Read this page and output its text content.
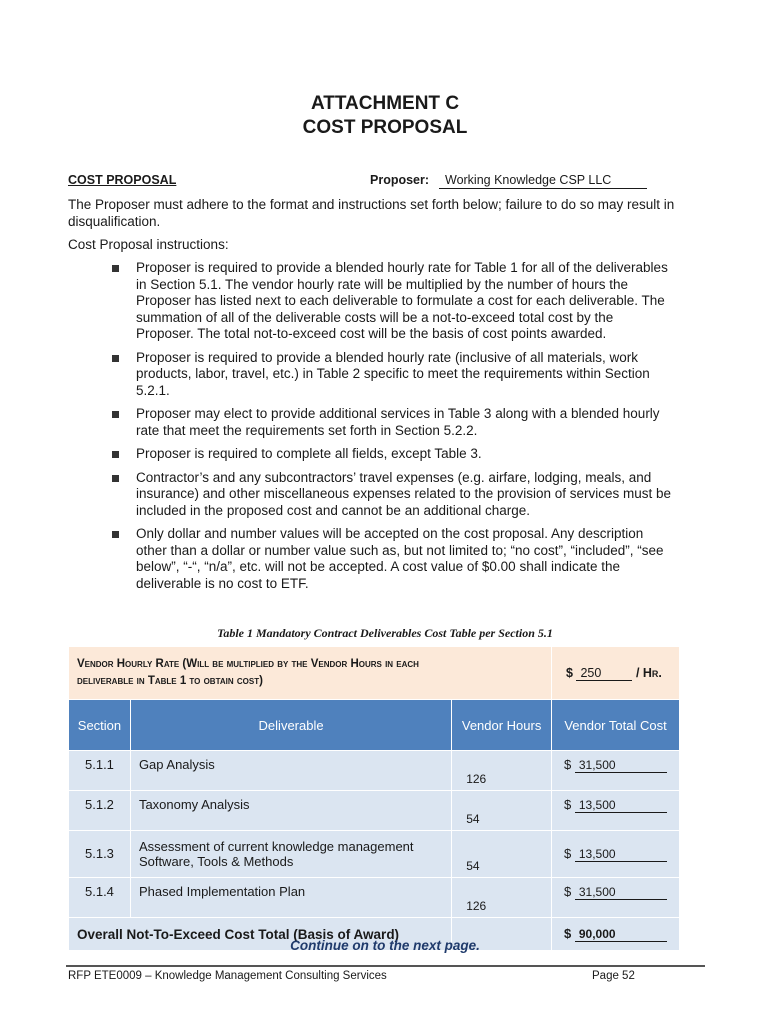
ATTACHMENT C
COST PROPOSAL
COST PROPOSAL	Proposer:	Working Knowledge CSP LLC
The Proposer must adhere to the format and instructions set forth below; failure to do so may result in disqualification.
Cost Proposal instructions:
Proposer is required to provide a blended hourly rate for Table 1 for all of the deliverables in Section 5.1. The vendor hourly rate will be multiplied by the number of hours the Proposer has listed next to each deliverable to formulate a cost for each deliverable. The summation of all of the deliverable costs will be a not-to-exceed total cost by the Proposer. The total not-to-exceed cost will be the basis of cost points awarded.
Proposer is required to provide a blended hourly rate (inclusive of all materials, work products, labor, travel, etc.) in Table 2 specific to meet the requirements within Section 5.2.1.
Proposer may elect to provide additional services in Table 3 along with a blended hourly rate that meet the requirements set forth in Section 5.2.2.
Proposer is required to complete all fields, except Table 3.
Contractor’s and any subcontractors’ travel expenses (e.g. airfare, lodging, meals, and insurance) and other miscellaneous expenses related to the provision of services must be included in the proposed cost and cannot be an additional charge.
Only dollar and number values will be accepted on the cost proposal. Any description other than a dollar or number value such as, but not limited to; “no cost”, “included”, “see below”, “-“, “n/a”, etc. will not be accepted. A cost value of $0.00 shall indicate the deliverable is no cost to ETF.
Table 1 Mandatory Contract Deliverables Cost Table per Section 5.1
Vendor Hourly Rate (Will be multiplied by the Vendor Hours in each
deliverable in Table 1 to obtain cost)			$ 250 / Hr.
Section	Deliverable	Vendor Hours	Vendor Total Cost
5.1.1	Gap Analysis	126	$ 31,500
5.1.2	Taxonomy Analysis	54	$ 13,500
5.1.3	Assessment of current knowledge management Software, Tools & Methods	54	$ 13,500
5.1.4	Phased Implementation Plan	126	$ 31,500
Overall Not-To-Exceed Cost Total (Basis of Award)			$ 90,000
Continue on to the next page.
RFP ETE0009 – Knowledge Management Consulting Services	Page 52
